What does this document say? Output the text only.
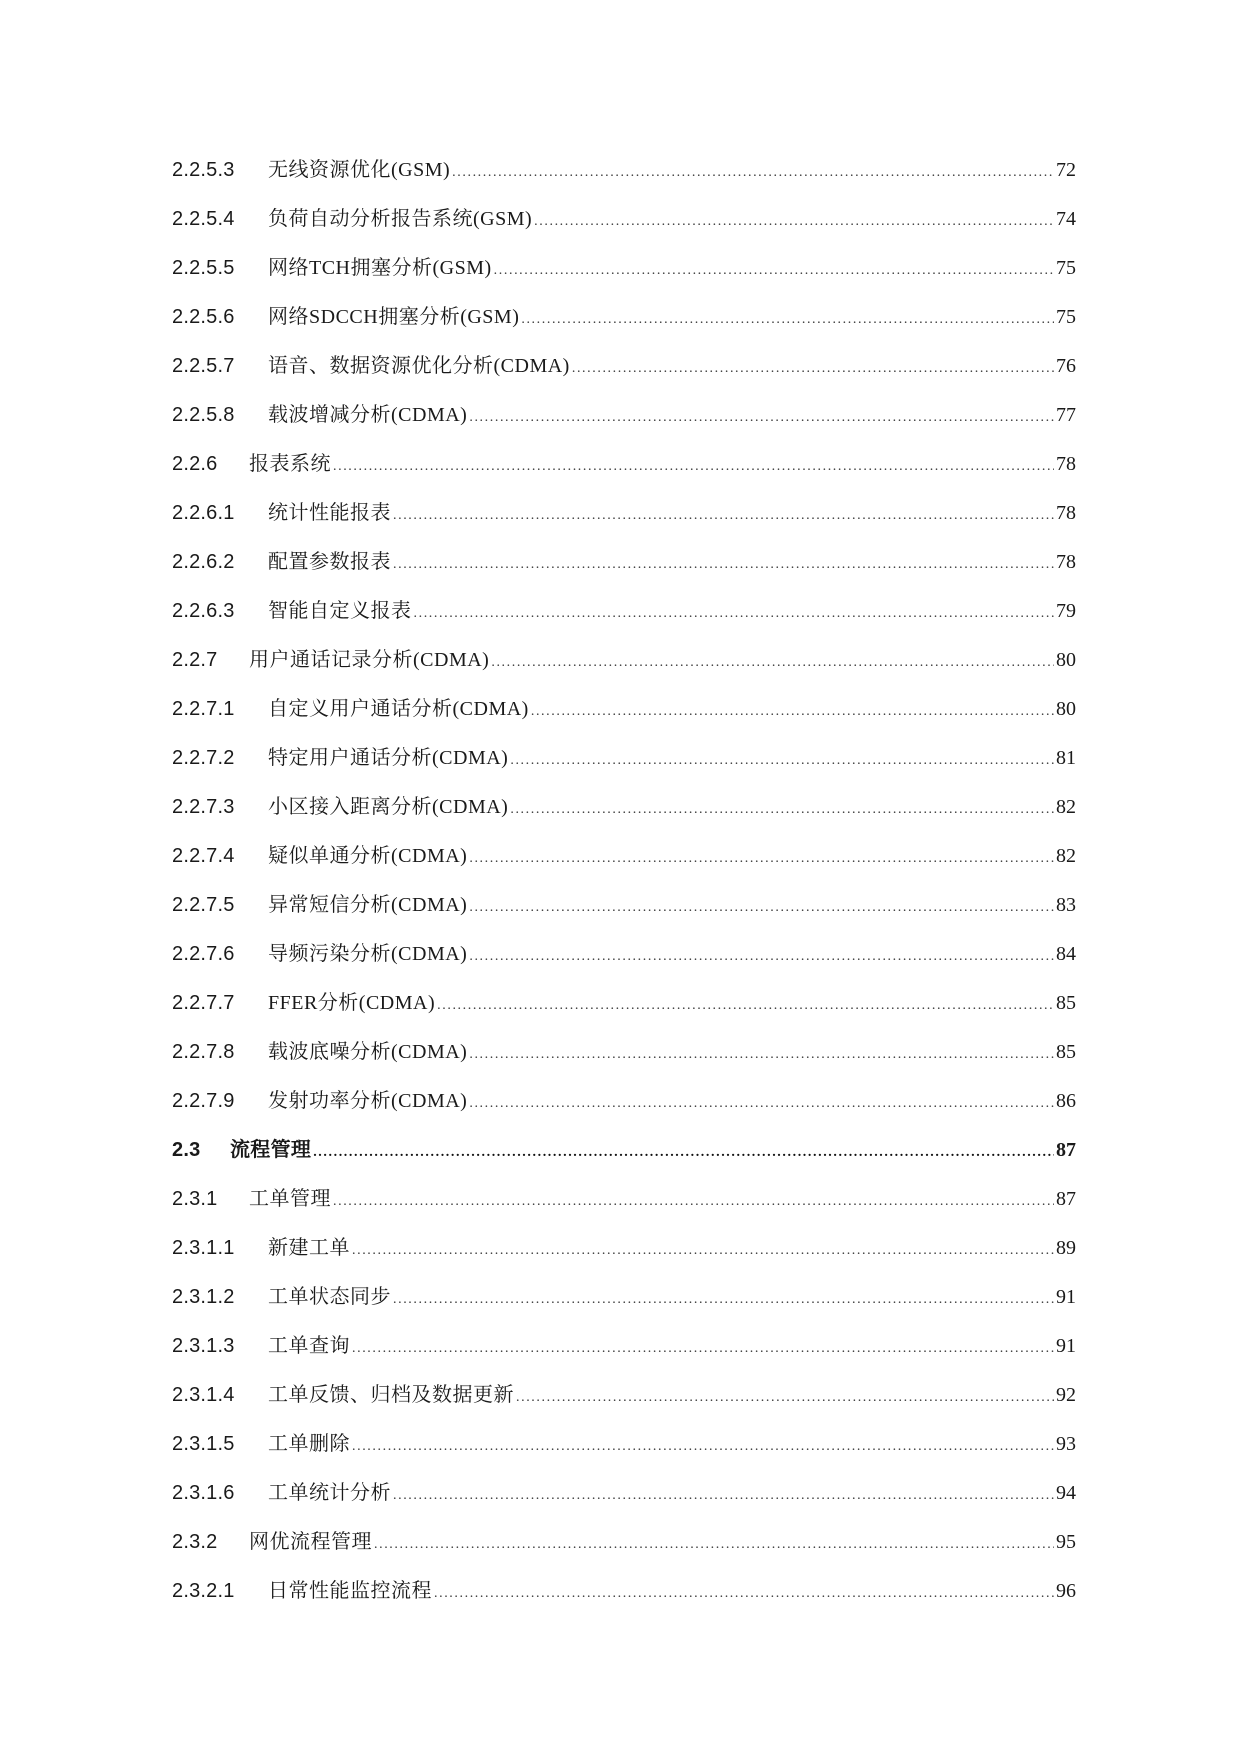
2.2.5.3	无线资源优化(GSM) .....	72
2.2.5.4	负荷自动分析报告系统(GSM) .....	74
2.2.5.5	网络TCH拥塞分析(GSM) .....	75
2.2.5.6	网络SDCCH拥塞分析(GSM) .....	75
2.2.5.7	语音、数据资源优化分析(CDMA) .....	76
2.2.5.8	载波增减分析(CDMA) .....	77
2.2.6	报表系统 .....	78
2.2.6.1	统计性能报表 .....	78
2.2.6.2	配置参数报表 .....	78
2.2.6.3	智能自定义报表 .....	79
2.2.7	用户通话记录分析(CDMA) .....	80
2.2.7.1	自定义用户通话分析(CDMA) .....	80
2.2.7.2	特定用户通话分析(CDMA) .....	81
2.2.7.3	小区接入距离分析(CDMA) .....	82
2.2.7.4	疑似单通分析(CDMA) .....	82
2.2.7.5	异常短信分析(CDMA) .....	83
2.2.7.6	导频污染分析(CDMA) .....	84
2.2.7.7	FFER分析(CDMA) .....	85
2.2.7.8	载波底噪分析(CDMA) .....	85
2.2.7.9	发射功率分析(CDMA) .....	86
2.3	流程管理 .....	87
2.3.1	工单管理 .....	87
2.3.1.1	新建工单 .....	89
2.3.1.2	工单状态同步 .....	91
2.3.1.3	工单查询 .....	91
2.3.1.4	工单反馈、归档及数据更新 .....	92
2.3.1.5	工单删除 .....	93
2.3.1.6	工单统计分析 .....	94
2.3.2	网优流程管理 .....	95
2.3.2.1	日常性能监控流程 .....	96
